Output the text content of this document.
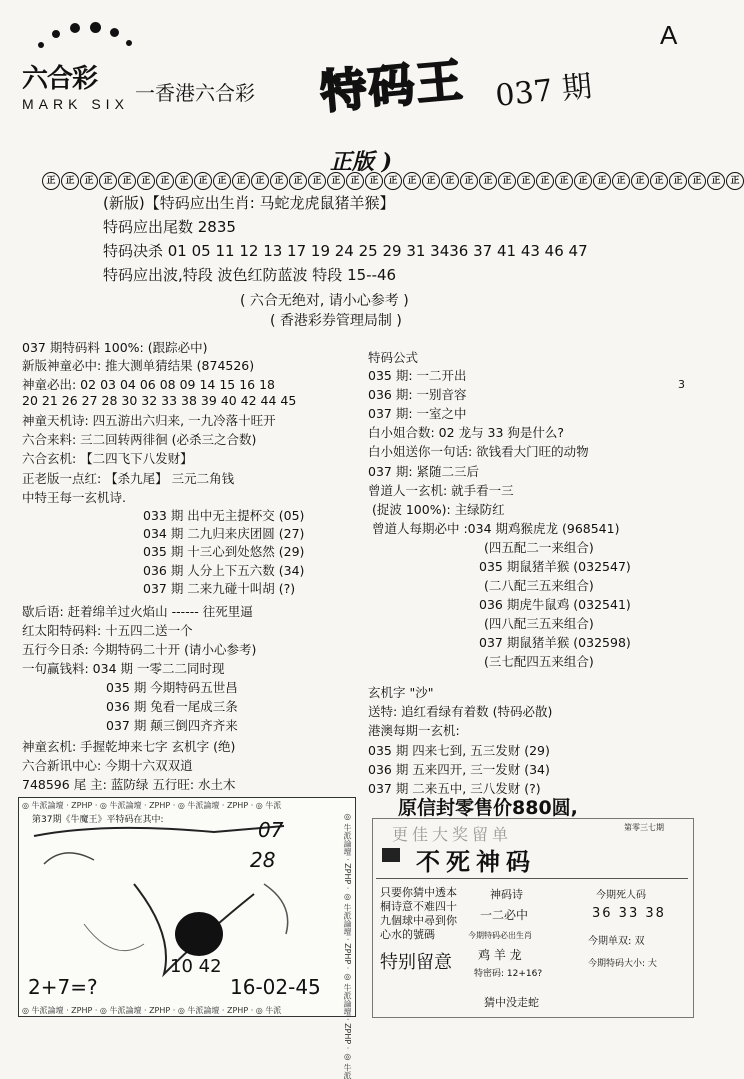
六合彩
MARK SIX 一香港六合彩 特码王 037 期
A
正版 )
正	正	正	正	正	正	正	正	正	正	正	正	正	正	正	正	正	正	正	正	正	正	正	正	正	正	正	正	正	正	正	正	正	正	正	正	正
(新版)【特码应出生肖: 马蛇龙虎鼠猪羊猴】
特码应出尾数 2835
特码决杀 01 05 11 12 13 17 19 24 25 29 31 3436 37 41 43 46 47
特码应出波,特段 波色红防蓝波 特段 15--46
( 六合无绝对, 请小心参考 )
( 香港彩券管理局制 )
037 期特码料 100%: (跟踪必中)
新版神童必中: 推大测单猜结果 (874526)
神童必出: 02 03 04 06 08 09 14 15 16 18
20 21 26 27 28 30 32 33 38 39 40 42 44 45
神童天机诗: 四五游出六归来, 一九冷落十旺开
六合来料: 三二回转两徘徊 (必杀三之合数)
六合玄机: 【二四飞下八发财】
正老版一点红: 【杀九尾】 三元二角钱
中特王每一玄机诗.
033 期 出中无主提杯交 (05)
034 期 二九归来庆团圆 (27)
035 期 十三心到处悠然 (29)
036 期 人分上下五六数 (34)
037 期 二来九碰十叫胡 (?)
歇后语: 赶着绵羊过火焰山 ------ 往死里逼
红太阳特码料: 十五四二送一个
五行今日杀: 今期特码二十开 (请小心参考)
一句赢钱料: 034 期 一零二二同时现
035 期 今期特码五世昌
036 期 兔看一尾成三条
037 期 颠三倒四齐齐来
神童玄机: 手握乾坤来七字 玄机字 (绝)
六合新讯中心: 今期十六双双逍
748596 尾 主: 蓝防绿 五行旺: 水土木
特码公式
035 期: 一二开出
036 期: 一别音容
037 期: 一室之中
白小姐合数: 02 龙与 33 狗是什么?
白小姐送你一句话: 欲钱看大门旺的动物
037 期: 紧随二三后
曾道人一玄机: 就手看一三
(捉波 100%): 主绿防红
曾道人每期必中 :034 期鸡猴虎龙 (968541)
(四五配二一来组合)
035 期鼠猪羊猴 (032547)
(二八配三五来组合)
036 期虎牛鼠鸡 (032541)
(四八配三五来组合)
037 期鼠猪羊猴 (032598)
(三七配四五来组合)
玄机字 "沙"
送特: 追红看绿有着数 (特码必散)
港澳每期一玄机:
035 期 四来七到, 五三发财 (29)
036 期 五来四开, 三一发财 (34)
037 期 二来五中, 三八发财 (?)
3
◎ 牛派論壇 · ZPHP · ◎ 牛派論壇 · ZPHP · ◎ 牛派論壇 · ZPHP · ◎ 牛派
◎ 牛派論壇 · ZPHP · ◎ 牛派論壇 · ZPHP · ◎ 牛派論壇 · ZPHP · ◎ 牛派	◎ 牛派論壇 · ZPHP · ◎ 牛派論壇 · ZPHP · ◎ 牛派論壇 · ZPHP · ◎ 牛派
第37期《牛魔王》平特码在其中:	07
28
10 42
2+7=?	16-02-45
原信封零售价880圆,
更佳大奖留单	第零三七期
不死神码
只要你猜中透本
桐诗意不难四十
九個球中尋到你
心水的號碼
神码诗
一二必中
今期死人码
36 33 38
今期特码必出生肖
鸡 羊 龙
今期单双: 双
今期特码大小: 大
特别留意
特密码: 12+16?
猜中没走蛇
